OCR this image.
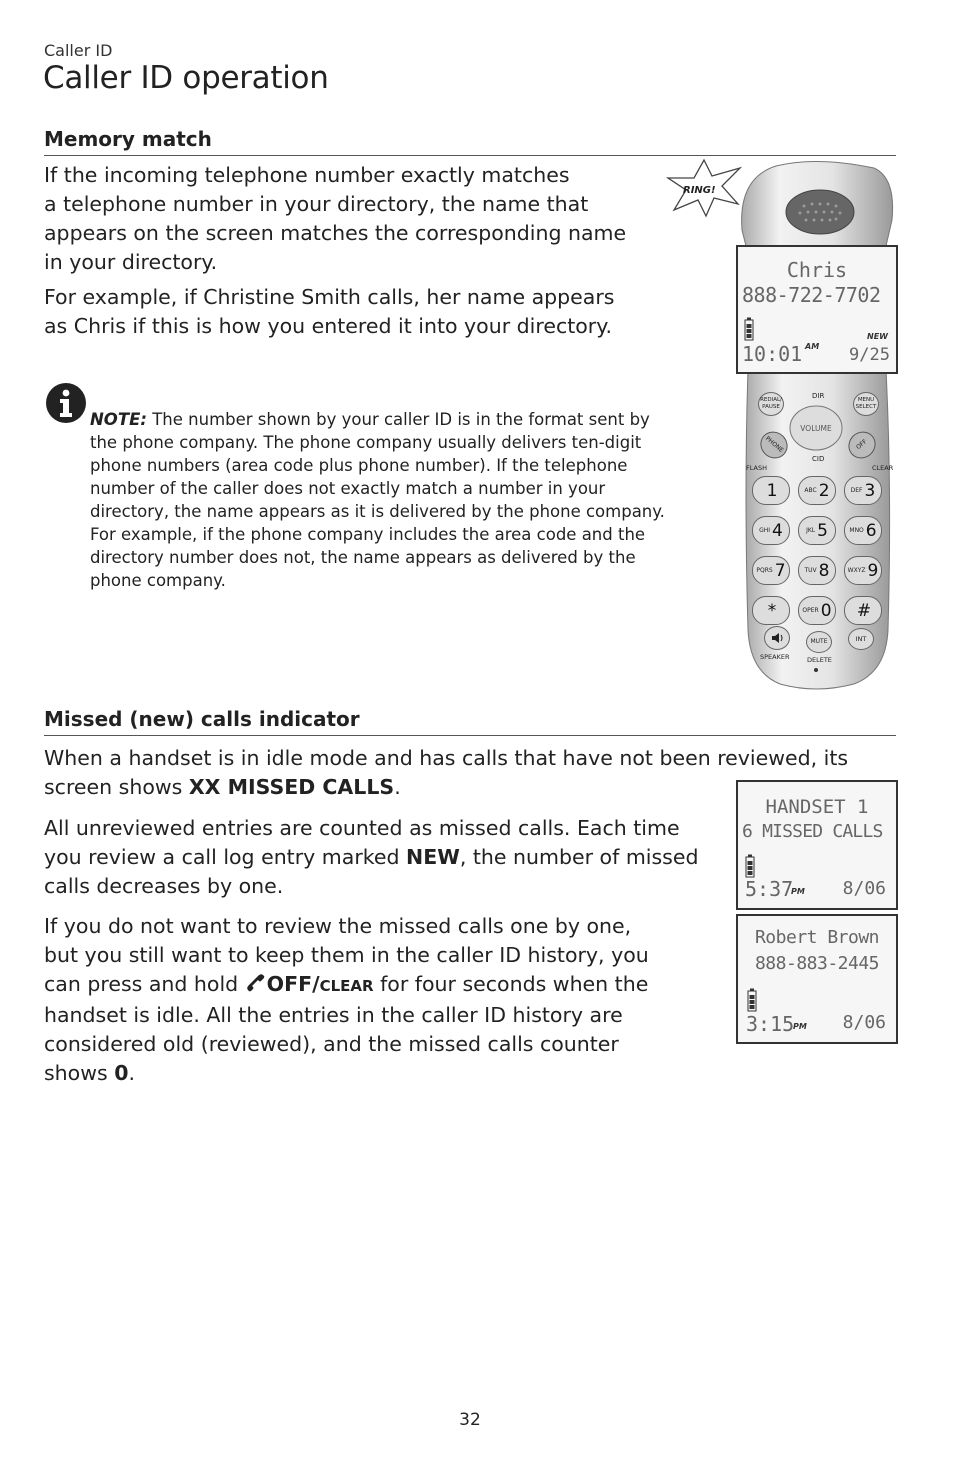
Caller ID
Caller ID operation
Memory match
If the incoming telephone number exactly matches
a telephone number in your directory, the name that
appears on the screen matches the corresponding name
in your directory.
For example, if Christine Smith calls, her name appears
as Chris if this is how you entered it into your directory.

NOTE: The number shown by your caller ID is in the format sent by the phone company. The phone company usually delivers ten-digit phone numbers (area code plus phone number). If the telephone number of the caller does not exactly match a number in your directory, the name appears as it is delivered by the phone company. For example, if the phone company includes the area code and the directory number does not, the name appears as delivered by the phone company.

RING!
REDIAL/ PAUSE
MENU SELECT
DIR
VOLUME
CID
PHONE	OFF
FLASH	CLEAR
1	ABC 2	DEF 3
GHI 4	JKL 5	MNO 6
PQRS 7	TUV 8	WXYZ 9
*	OPER 0 #
SPEAKER
MUTE
DELETE
INT
Chris
888-722-7702
NEW
10:01 AM 9/25
Missed (new) calls indicator
When a handset is in idle mode and has calls that have not been reviewed, its
screen shows XX MISSED CALLS.
All unreviewed entries are counted as missed calls. Each time
you review a call log entry marked NEW, the number of missed
calls decreases by one.
If you do not want to review the missed calls one by one,
but you still want to keep them in the caller ID history, you
can press and hold OFF/CLEAR for four seconds when the
handset is idle. All the entries in the caller ID history are
considered old (reviewed), and the missed calls counter
shows 0.
HANDSET 1
6 MISSED CALLS
5:37
PM 8/06
Robert Brown
888-883-2445
3:15
PM 8/06
32
